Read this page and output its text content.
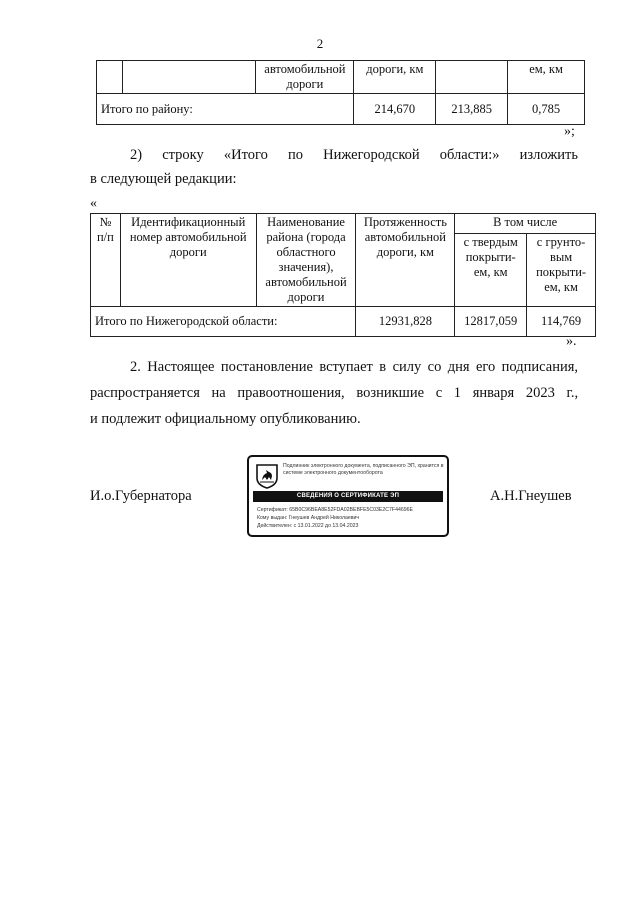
2
		автомобильной дороги	дороги, км		ем, км
Итого по району:			214,670	213,885	0,785
»;
2) строку «Итого по Нижегородской области:» изложить
в следующей редакции:
«
№ п/п	Идентификационный номер автомобильной дороги	Наименование района (города областного значения), автомобильной дороги	Протяженность автомобильной дороги, км	В том числе	
				с твердым покрыти-ем, км	с грунто-вым покрыти-ем, км
Итого по Нижегородской области:			12931,828	12817,059	114,769
».
2. Настоящее постановление вступает в силу со дня его подписания,
распространяется на правоотношения, возникшие с 1 января 2023 г.,
и подлежит официальному опубликованию.
И.о.Губернатора	А.Н.Гнеушев
Подлинник электронного документа, подписанного ЭП, хранится в системе электронного документооборота
СВЕДЕНИЯ О СЕРТИФИКАТЕ ЭП
Сертификат: 65B0C96BEA8E52FDA02BEBFE5C03E2C7F44696E
Кому выдан: Гнеушев Андрей Николаевич
Действителен: с 13.01.2022 до 13.04.2023
